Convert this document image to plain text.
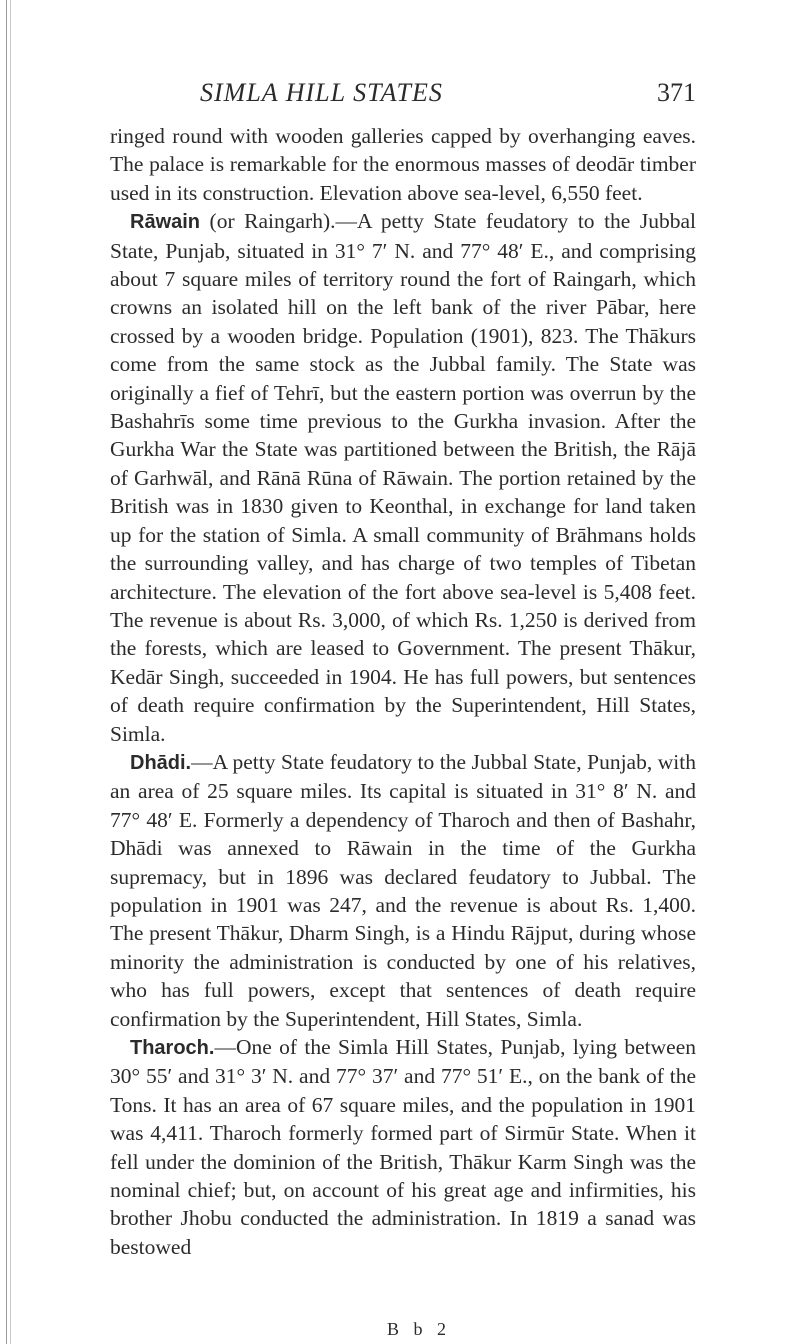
SIMLA HILL STATES	371

ringed round with wooden galleries capped by overhanging eaves. The palace is remarkable for the enormous masses of deodār timber used in its construction. Elevation above sea-level, 6,550 feet.

Rāwain (or Raingarh).—A petty State feudatory to the Jubbal State, Punjab, situated in 31° 7′ N. and 77° 48′ E., and comprising about 7 square miles of territory round the fort of Raingarh, which crowns an isolated hill on the left bank of the river Pābar, here crossed by a wooden bridge. Population (1901), 823. The Thākurs come from the same stock as the Jubbal family. The State was originally a fief of Tehrī, but the eastern portion was overrun by the Bashahrīs some time previous to the Gurkha invasion. After the Gurkha War the State was partitioned between the British, the Rājā of Garhwāl, and Rānā Rūna of Rāwain. The portion retained by the British was in 1830 given to Keonthal, in exchange for land taken up for the station of Simla. A small community of Brāhmans holds the surrounding valley, and has charge of two temples of Tibetan architecture. The elevation of the fort above sea-level is 5,408 feet. The revenue is about Rs. 3,000, of which Rs. 1,250 is derived from the forests, which are leased to Government. The present Thākur, Kedār Singh, succeeded in 1904. He has full powers, but sentences of death require confirmation by the Superintendent, Hill States, Simla.

Dhādi.—A petty State feudatory to the Jubbal State, Punjab, with an area of 25 square miles. Its capital is situated in 31° 8′ N. and 77° 48′ E. Formerly a dependency of Tharoch and then of Bashahr, Dhādi was annexed to Rāwain in the time of the Gurkha supremacy, but in 1896 was declared feudatory to Jubbal. The population in 1901 was 247, and the revenue is about Rs. 1,400. The present Thākur, Dharm Singh, is a Hindu Rājput, during whose minority the administration is conducted by one of his relatives, who has full powers, except that sentences of death require confirmation by the Superintendent, Hill States, Simla.

Tharoch.—One of the Simla Hill States, Punjab, lying between 30° 55′ and 31° 3′ N. and 77° 37′ and 77° 51′ E., on the bank of the Tons. It has an area of 67 square miles, and the population in 1901 was 4,411. Tharoch formerly formed part of Sirmūr State. When it fell under the dominion of the British, Thākur Karm Singh was the nominal chief; but, on account of his great age and infirmities, his brother Jhobu conducted the administration. In 1819 a sanad was bestowed

B b 2
